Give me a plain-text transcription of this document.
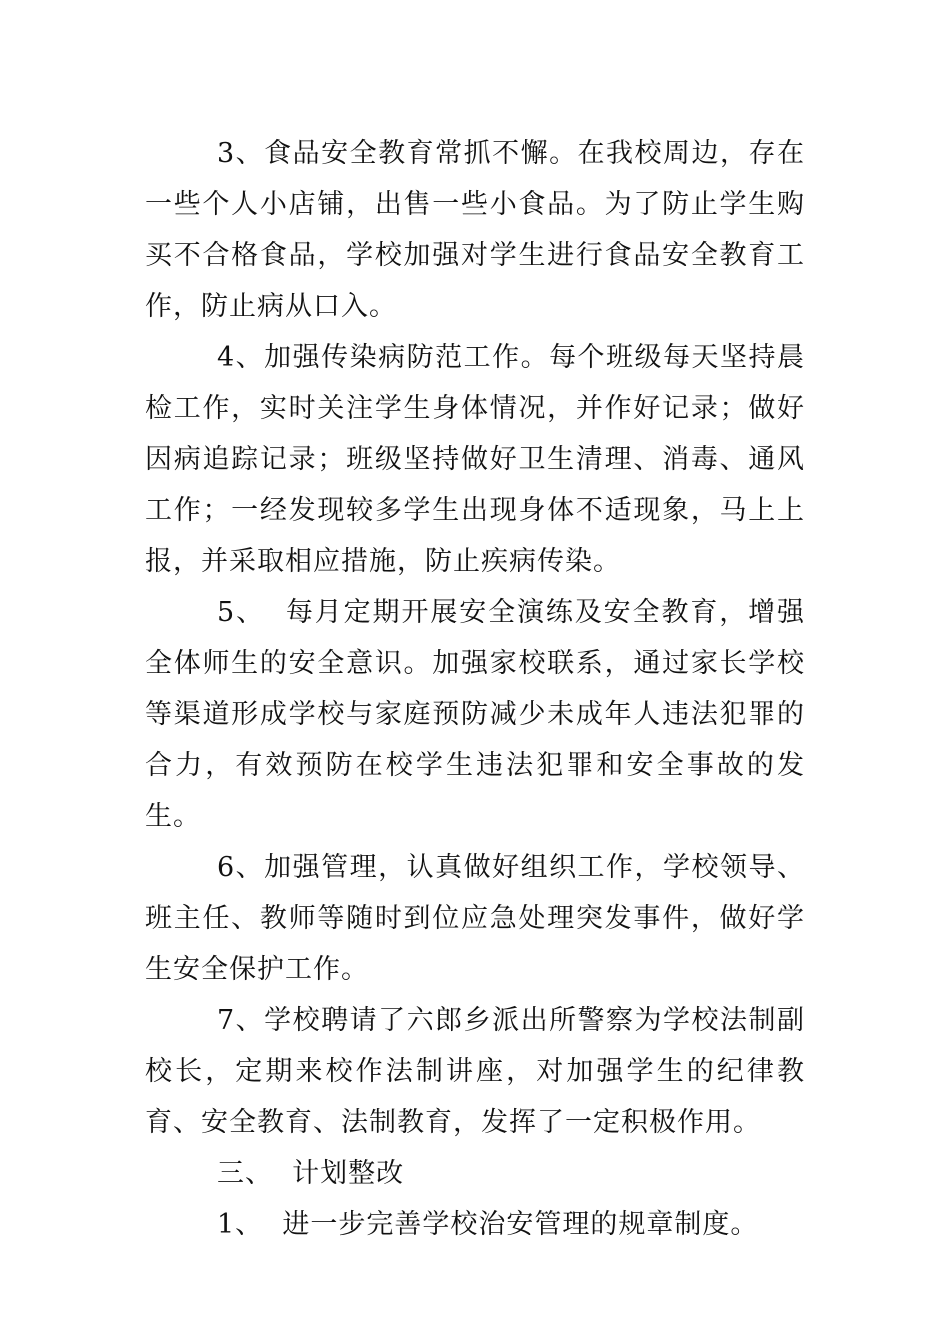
3、食品安全教育常抓不懈。在我校周边，存在一些个人小店铺，出售一些小食品。为了防止学生购买不合格食品，学校加强对学生进行食品安全教育工作，防止病从口入。

4、加强传染病防范工作。每个班级每天坚持晨检工作，实时关注学生身体情况，并作好记录；做好因病追踪记录；班级坚持做好卫生清理、消毒、通风工作；一经发现较多学生出现身体不适现象，马上上报，并采取相应措施，防止疾病传染。

5、  每月定期开展安全演练及安全教育，增强全体师生的安全意识。加强家校联系，通过家长学校等渠道形成学校与家庭预防减少未成年人违法犯罪的合力，有效预防在校学生违法犯罪和安全事故的发生。

6、加强管理，认真做好组织工作，学校领导、班主任、教师等随时到位应急处理突发事件，做好学生安全保护工作。

7、学校聘请了六郎乡派出所警察为学校法制副校长，定期来校作法制讲座，对加强学生的纪律教育、安全教育、法制教育，发挥了一定积极作用。

三、  计划整改

1、  进一步完善学校治安管理的规章制度。
